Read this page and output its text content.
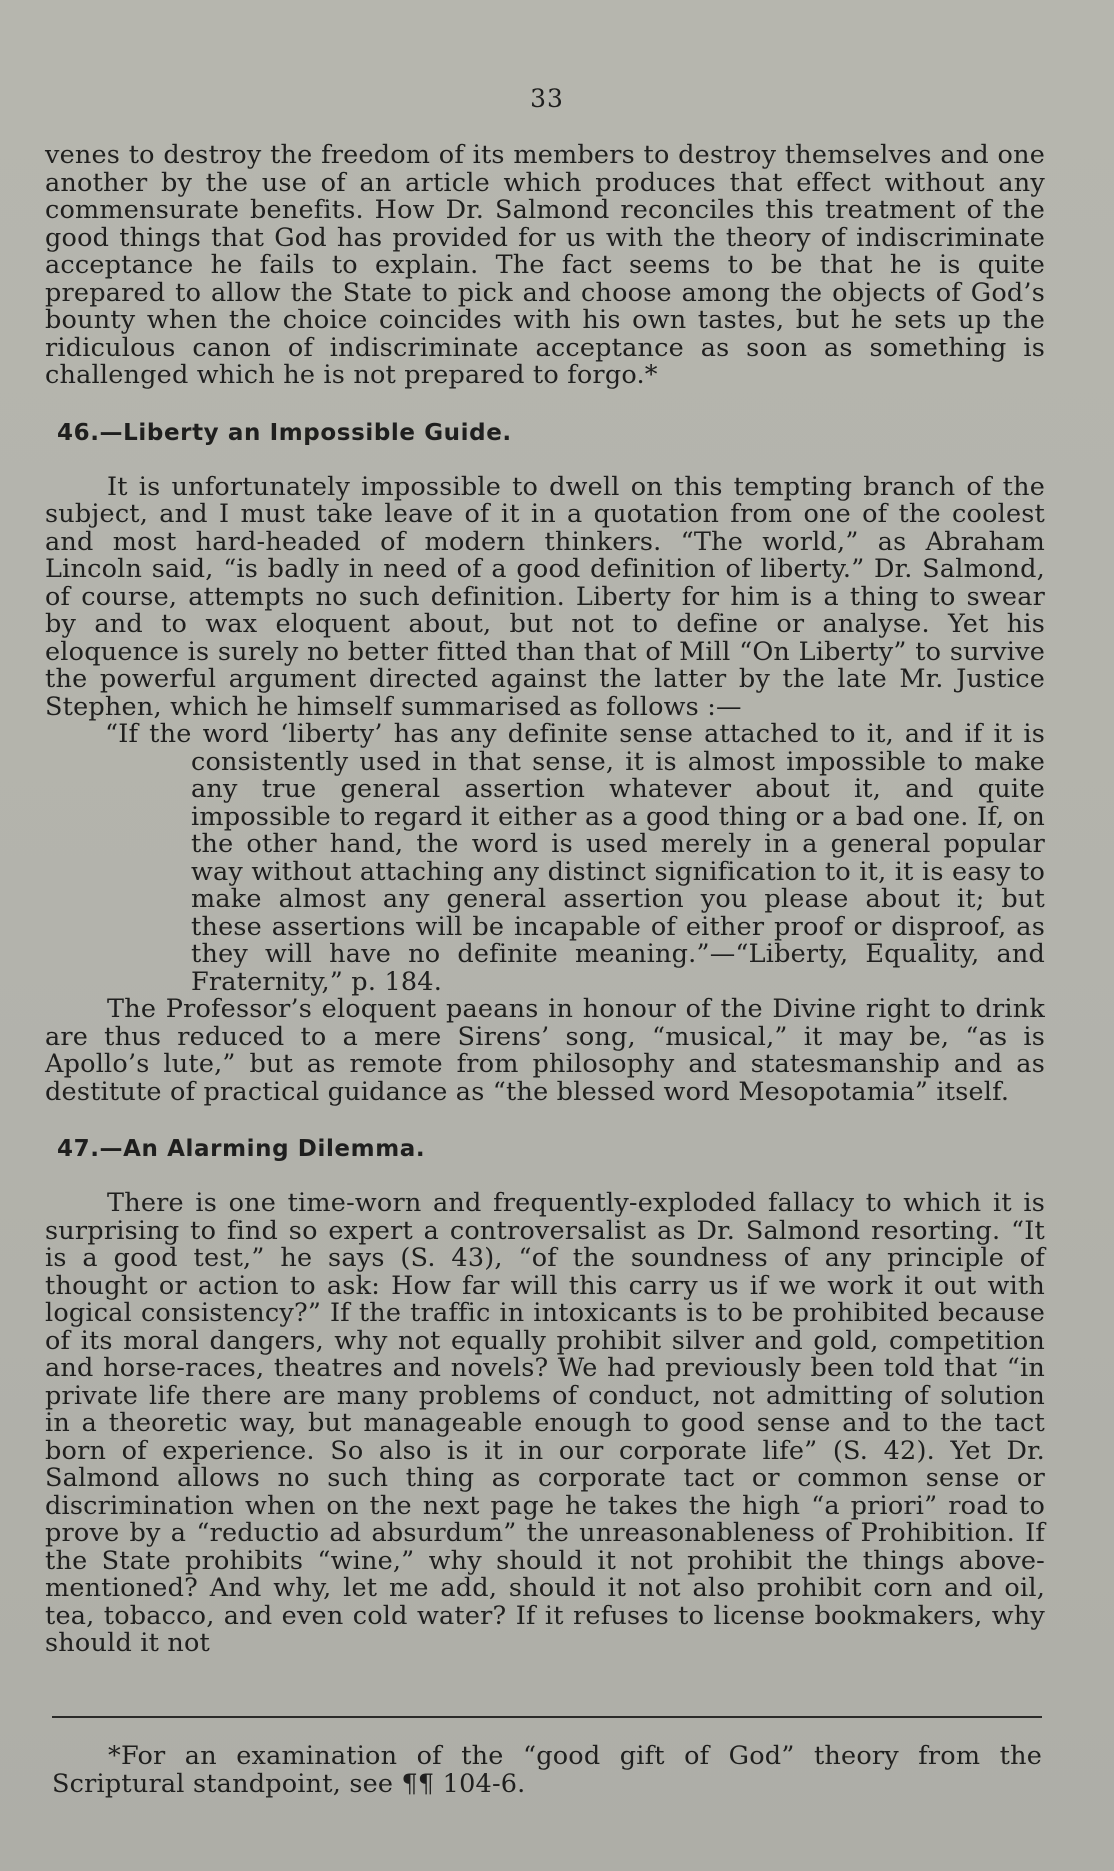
33

venes to destroy the freedom of its members to destroy themselves and one another by the use of an article which produces that effect without any commensurate benefits. How Dr. Salmond reconciles this treatment of the good things that God has provided for us with the theory of indiscriminate acceptance he fails to explain. The fact seems to be that he is quite prepared to allow the State to pick and choose among the objects of God’s bounty when the choice coincides with his own tastes, but he sets up the ridiculous canon of indiscriminate acceptance as soon as something is challenged which he is not prepared to forgo.*

46.—Liberty an Impossible Guide.

It is unfortunately impossible to dwell on this tempting branch of the subject, and I must take leave of it in a quotation from one of the coolest and most hard-headed of modern thinkers. “The world,” as Abraham Lincoln said, “is badly in need of a good definition of liberty.” Dr. Salmond, of course, attempts no such definition. Liberty for him is a thing to swear by and to wax eloquent about, but not to define or analyse. Yet his eloquence is surely no better fitted than that of Mill “On Liberty” to survive the powerful argument directed against the latter by the late Mr. Justice Stephen, which he himself summarised as follows :—

“If the word ‘liberty’ has any definite sense attached to it, and if it is consistently used in that sense, it is almost impossible to make any true general assertion whatever about it, and quite impossible to regard it either as a good thing or a bad one. If, on the other hand, the word is used merely in a general popular way without attaching any distinct signification to it, it is easy to make almost any general assertion you please about it; but these assertions will be incapable of either proof or disproof, as they will have no definite meaning.”—“Liberty, Equality, and Fraternity,” p. 184.

The Professor’s eloquent paeans in honour of the Divine right to drink are thus reduced to a mere Sirens’ song, “musical,” it may be, “as is Apollo’s lute,” but as remote from philosophy and statesmanship and as destitute of practical guidance as “the blessed word Mesopotamia” itself.

47.—An Alarming Dilemma.

There is one time-worn and frequently-exploded fallacy to which it is surprising to find so expert a controversalist as Dr. Salmond resorting. “It is a good test,” he says (S. 43), “of the soundness of any principle of thought or action to ask: How far will this carry us if we work it out with logical consistency?” If the traffic in intoxicants is to be prohibited because of its moral dangers, why not equally prohibit silver and gold, competition and horse-races, theatres and novels? We had previously been told that “in private life there are many problems of conduct, not admitting of solution in a theoretic way, but manageable enough to good sense and to the tact born of experience. So also is it in our corporate life” (S. 42). Yet Dr. Salmond allows no such thing as corporate tact or common sense or discrimination when on the next page he takes the high “a priori” road to prove by a “reductio ad absurdum” the unreasonableness of Prohibition. If the State prohibits “wine,” why should it not prohibit the things above-mentioned? And why, let me add, should it not also prohibit corn and oil, tea, tobacco, and even cold water? If it refuses to license bookmakers, why should it not

*For an examination of the “good gift of God” theory from the Scriptural standpoint, see ¶¶ 104-6.
